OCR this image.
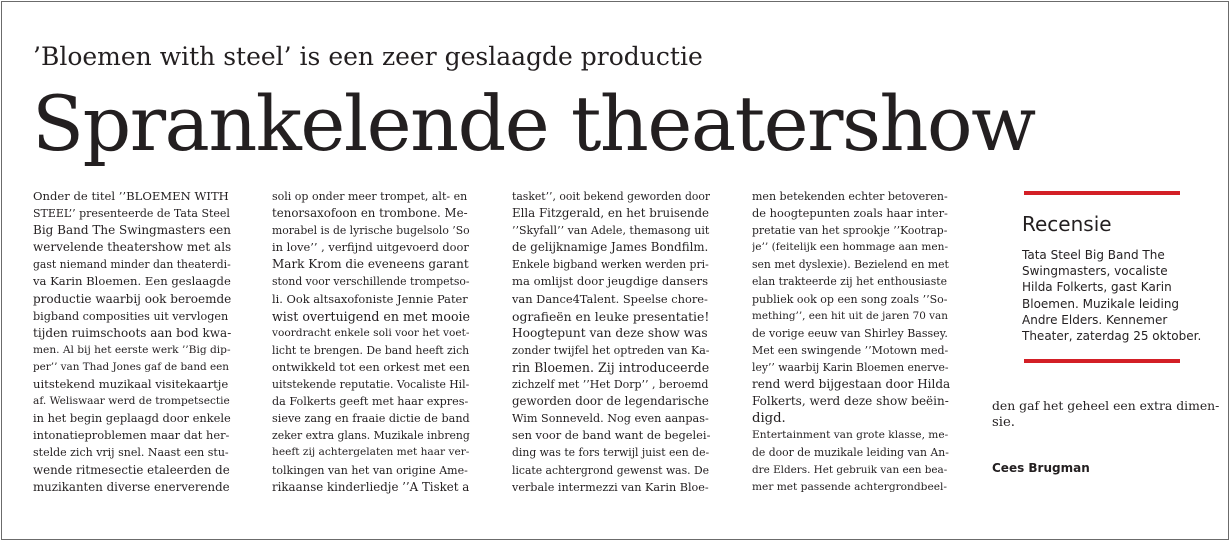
’Bloemen with steel’ is een zeer geslaagde productie
Sprankelende theatershow
Onder de titel ’’BLOEMEN WITH
STEEL’’ presenteerde de Tata Steel
Big Band The Swingmasters een
wervelende theatershow met als
gast niemand minder dan theaterdi-
va Karin Bloemen. Een geslaagde
productie waarbij ook beroemde
bigband composities uit vervlogen
tijden ruimschoots aan bod kwa-
men. Al bij het eerste werk ’’Big dip-
per’’ van Thad Jones gaf de band een
uitstekend muzikaal visitekaartje
af. Weliswaar werd de trompetsectie
in het begin geplaagd door enkele
intonatieproblemen maar dat her-
stelde zich vrij snel. Naast een stu-
wende ritmesectie etaleerden de
muzikanten diverse enerverende
soli op onder meer trompet, alt- en
tenorsaxofoon en trombone. Me-
morabel is de lyrische bugelsolo ’So
in love’’ , verfijnd uitgevoerd door
Mark Krom die eveneens garant
stond voor verschillende trompetso-
li. Ook altsaxofoniste Jennie Pater
wist overtuigend en met mooie
voordracht enkele soli voor het voet-
licht te brengen. De band heeft zich
ontwikkeld tot een orkest met een
uitstekende reputatie. Vocaliste Hil-
da Folkerts geeft met haar expres-
sieve zang en fraaie dictie de band
zeker extra glans. Muzikale inbreng
heeft zij achtergelaten met haar ver-
tolkingen van het van origine Ame-
rikaanse kinderliedje ’’A Tisket a
tasket’’, ooit bekend geworden door
Ella Fitzgerald, en het bruisende
’’Skyfall’’ van Adele, themasong uit
de gelijknamige James Bondfilm.
Enkele bigband werken werden pri-
ma omlijst door jeugdige dansers
van Dance4Talent. Speelse chore-
ografieën en leuke presentatie!
Hoogtepunt van deze show was
zonder twijfel het optreden van Ka-
rin Bloemen. Zij introduceerde
zichzelf met ’’Het Dorp’’ , beroemd
geworden door de legendarische
Wim Sonneveld. Nog even aanpas-
sen voor de band want de begelei-
ding was te fors terwijl juist een de-
licate achtergrond gewenst was. De
verbale intermezzi van Karin Bloe-
men betekenden echter betoveren-
de hoogtepunten zoals haar inter-
pretatie van het sprookje ’’Kootrap-
je’’ (feitelijk een hommage aan men-
sen met dyslexie). Bezielend en met
elan trakteerde zij het enthousiaste
publiek ook op een song zoals ’’So-
mething’’, een hit uit de jaren 70 van
de vorige eeuw van Shirley Bassey.
Met een swingende ’’Motown med-
ley’’ waarbij Karin Bloemen enerve-
rend werd bijgestaan door Hilda
Folkerts, werd deze show beëin-
digd.
Entertainment van grote klasse, me-
de door de muzikale leiding van An-
dre Elders. Het gebruik van een bea-
mer met passende achtergrondbeel-
den gaf het geheel een extra dimen-
sie.
Recensie
Tata Steel Big Band The
Swingmasters, vocaliste
Hilda Folkerts, gast Karin
Bloemen. Muzikale leiding
Andre Elders. Kennemer
Theater, zaterdag 25 oktober.
Cees Brugman
